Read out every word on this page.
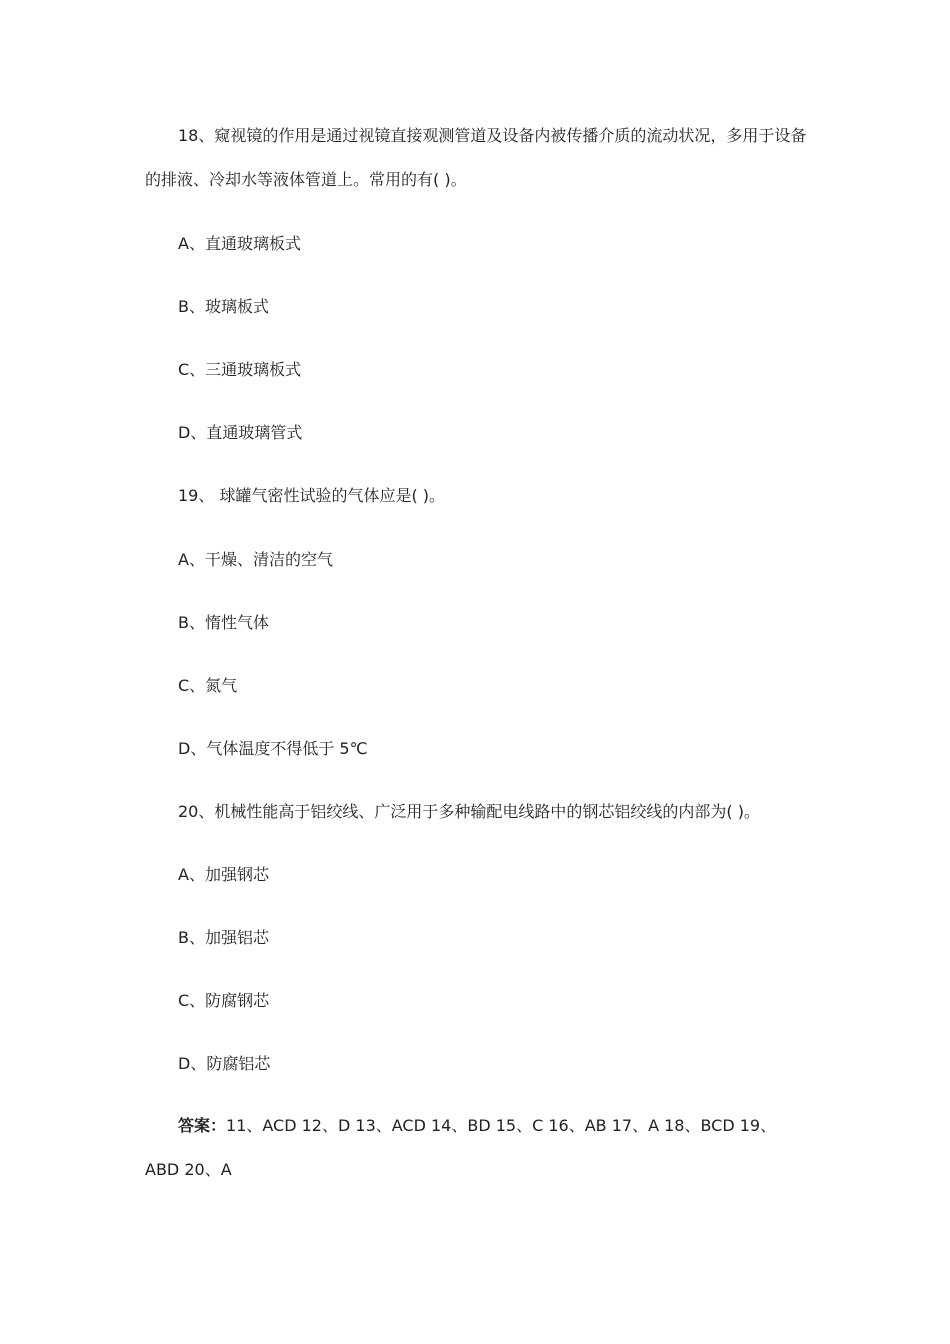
18、窥视镜的作用是通过视镜直接观测管道及设备内被传播介质的流动状况，多用于设备的排液、冷却水等液体管道上。常用的有( )。
A、直通玻璃板式
B、玻璃板式
C、三通玻璃板式
D、直通玻璃管式
19、 球罐气密性试验的气体应是( )。
A、干燥、清洁的空气
B、惰性气体
C、氮气
D、气体温度不得低于 5℃
20、机械性能高于铝绞线、广泛用于多种输配电线路中的钢芯铝绞线的内部为( )。
A、加强钢芯
B、加强铝芯
C、防腐钢芯
D、防腐铝芯
答案：11、ACD 12、D 13、ACD 14、BD 15、C 16、AB 17、A 18、BCD 19、ABD 20、A
